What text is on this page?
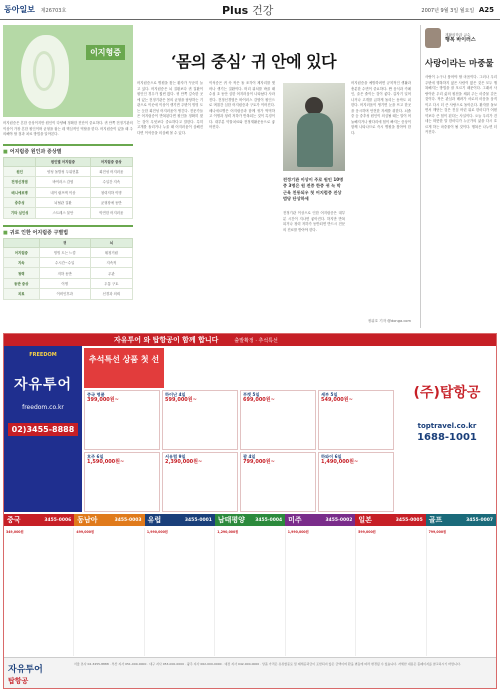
동아일보 제26703호	Plus 건강	2007년 9월 3일 월요일 A25
이지형증
어지럼증은 흔한 증상이지만 원인이 다양해 정확한 진단이 중요하다. 귀 안쪽 전정기관의 이상이 가장 흔한 원인이며 균형을 잡는 데 핵심적인 역할을 한다. 어지럼증이 있을 때 주의해야 할 점과 치료 방법을 알아본다.
■ 어지럼증 원인과 증상별
	원인별 어지럼증	어지럼증 증상
원인	양성 돌발성 두위현훈	회전성 어지러움
전정신경염	바이러스 감염	수일간 지속
메니에르병	내이 림프액 이상	청력저하 이명
중추성	뇌혈관 질환	균형장애 동반
기타 심인성	스트레스 불안	막연한 어지러움
■ 귀로 인한 어지럼증 구별법
	귀	뇌
어지럼증	빙빙 도는 느낌	휘청거림
지속	수시간~수일	지속적
청력	저하 동반	무관
동반 증상	이명	두통 구토
치료	이비인후과	신경과 의뢰
‘몸의 중심’ 귀 안에 있다
어지럼증으로 병원을 찾는 환자가 꾸준히 늘고 있다. 어지럼증은 뇌 질환보다 귀 질환이 원인인 경우가 훨씬 많다. 귀 안쪽 깊숙한 곳에 있는 전정기관은 몸의 균형을 담당하는 기관으로 이곳에 이상이 생기면 주변이 빙빙 도는 듯한 회전성 어지러움이 생긴다. 전문가들은 어지럼증이 반복된다면 원인을 정확히 찾는 것이 무엇보다 중요하다고 말한다. 특히 고개를 돌리거나 누울 때 어지러움이 심해진다면 이석증을 의심해 볼 수 있다.
이석증은 귀 속 작은 돌 조각이 제자리를 벗어나 생기는 질환이다. 머리 위치를 바꿀 때 수십 초 동안 심한 어지러움이 나타났다 사라진다. 전정신경염은 바이러스 감염이 원인으로 며칠간 심한 어지럼증과 구토가 이어진다. 메니에르병은 어지럼증과 함께 귀가 먹먹하고 이명과 청력 저하가 반복되는 것이 특징이다. 대부분 약물치료와 전정재활운동으로 좋아진다.
전정기관 이상이 주로 원인 10명 중 3명은 원 전증 한증 귀 늑 막 근육 친동되우 첫 어지럼증 진상범당 단상하세
전정기관 이상으로 인한 어지럼증은 대부분 시간이 지나면 좋아진다. 하지만 반복되거나 청력 저하가 동반되면 반드시 전문의 진료를 받아야 한다.
어지럼증을 예방하려면 규칙적인 생활과 충분한 수면이 중요하다. 짠 음식과 카페인, 술은 줄이는 것이 좋다. 갑자기 일어나거나 고개를 급하게 돌리는 동작도 피한다. 어지러움이 생기면 눈을 뜨고 한곳을 응시하며 안전한 자세를 취한다. 뇌졸중 등 중추성 원인이 의심될 때는 말이 어눌해지거나 팔다리에 힘이 빠지는 증상이 함께 나타나므로 즉시 병원을 찾아야 한다.
정위호 기자 @donga.com
재활의학과 교수
행복 바이러스
사랑이라는 마중물
사랑이 누구나 품어야 할 마음이다. 그러나 우리 주변에 행복하지 않은 사람이 많은 것은 모두 행복해지는 방법을 잘 모르기 때문이다. 그래서 사랑이란 우리 삶의 원천을 채워 주는 마중물 같은 것이다. 작은 관심과 배려가 서로의 마음을 움직이고 다시 더 큰 사랑으로 돌아온다. 환자를 돌보면서 깨닫는 것은 진심 어린 위로 한마디가 어떤 약보다 큰 힘이 된다는 사실이다. 오늘 우리가 건네는 따뜻한 말 한마디가 누군가의 삶을 다시 흐르게 하는 마중물이 될 것이다. 행복은 나누면 더 커진다.
자유투어 와 탑항공이 함께 합니다	출발확정 · 추석특선
FREEDOM
자유투어
freedom.co.kr
02)3455-8888
추석특선 상품 첫 선
중국 명품
399,000원~
하이난 4일
599,000원~
푸켓 5일
699,000원~
세부 5일
549,000원~
호주 6일
1,590,000원~
서유럽 9일
2,390,000원~
괌 4일
799,000원~
하와이 6일
1,490,000원~
(주)탑항공
toptravel.co.kr
1688-1001
중국	3455-0006 동남아	3455-0003 유럽	3455-0001 남태평양 3455-0004 미주	3455-0002 일본	3455-0005 골프	3455-0007
349,000원	499,000원	1,990,000원	1,290,000원	1,990,000원	599,000원	799,000원
자유투어
탑항공
서울 본사 02-3455-8888 · 부산 지사 051-000-0000 · 대구 지사 053-000-0000 · 광주 지사 062-000-0000 · 대전 지사 042-000-0000 · 상품 가격은 유류할증료 및 제세공과금이 포함되지 않은 금액이며 환율 변동에 따라 변경될 수 있습니다. 자세한 내용은 홈페이지를 참고하시기 바랍니다.
